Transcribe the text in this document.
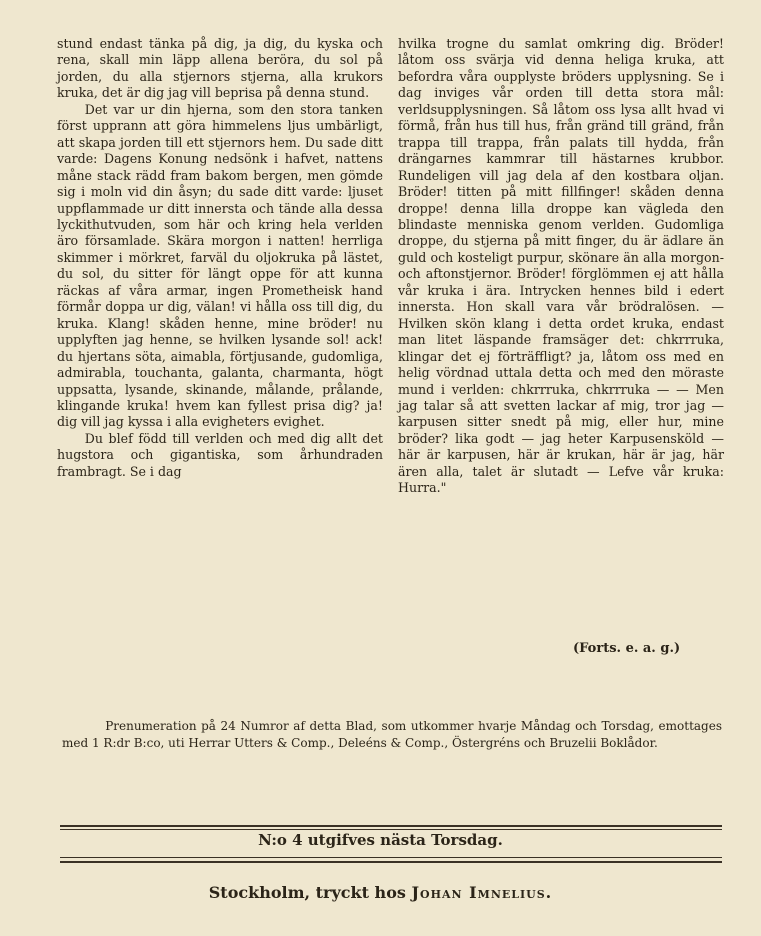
stund endast tänka på dig, ja dig, du kyska och rena, skall min läpp allena beröra, du sol på jorden, du alla stjernors stjerna, alla krukors kruka, det är dig jag vill beprisa på denna stund.

Det var ur din hjerna, som den stora tanken först upprann att göra himmelens ljus umbärligt, att skapa jorden till ett stjernors hem. Du sade ditt varde: Dagens Konung nedsönk i hafvet, nattens måne stack rädd fram bakom bergen, men gömde sig i moln vid din åsyn; du sade ditt varde: ljuset uppflammade ur ditt innersta och tände alla dessa lyckithutvuden, som här och kring hela verlden äro församlade. Skära morgon i natten! herrliga skimmer i mörkret, farväl du oljokruka på lästet, du sol, du sitter för längt oppe för att kunna räckas af våra armar, ingen Prometheisk hand förmår doppa ur dig, välan! vi hålla oss till dig, du kruka. Klang! skåden henne, mine bröder! nu upplyften jag henne, se hvilken lysande sol! ack! du hjertans söta, aimabla, förtjusande, gudomliga, admirabla, touchanta, galanta, charmanta, högt uppsatta, lysande, skinande, målande, prålande, klingande kruka! hvem kan fyllest prisa dig? ja! dig vill jag kyssa i alla evigheters evighet.

Du blef född till verlden och med dig allt det hugstora och gigantiska, som århundraden frambragt. Se i dag

hvilka trogne du samlat omkring dig. Bröder! låtom oss svärja vid denna heliga kruka, att befordra våra oupplyste bröders upplysning. Se i dag inviges vår orden till detta stora mål: verldsupplysningen. Så låtom oss lysa allt hvad vi förmå, från hus till hus, från gränd till gränd, från trappa till trappa, från palats till hydda, från drängarnes kammrar till hästarnes krubbor. Rundeligen vill jag dela af den kostbara oljan. Bröder! titten på mitt fillfinger! skåden denna droppe! denna lilla droppe kan vägleda den blindaste menniska genom verlden. Gudomliga droppe, du stjerna på mitt finger, du är ädlare än guld och kosteligt purpur, skönare än alla morgon- och aftonstjernor. Bröder! förglömmen ej att hålla vår kruka i ära. Intrycken hennes bild i edert innersta. Hon skall vara vår brödralösen. — Hvilken skön klang i detta ordet kruka, endast man litet läspande framsäger det: chkrrruka, klingar det ej förträffligt? ja, låtom oss med en helig vördnad uttala detta och med den möraste mund i verlden: chkrrruka, chkrrruka — — Men jag talar så att svetten lackar af mig, tror jag — karpusen sitter snedt på mig, eller hur, mine bröder? lika godt — jag heter Karpusensköld — här är karpusen, här är krukan, här är jag, här ären alla, talet är slutadt — Lefve vår kruka: Hurra."

(Forts. e. a. g.)

Prenumeration på 24 Numror af detta Blad, som utkommer hvarje Måndag och Torsdag, emottages med 1 R:dr B:co, uti Herrar Utters & Comp., Deleéns & Comp., Östergréns och Bruzelii Boklådor.

N:o 4 utgifves nästa Torsdag.
Stockholm, tryckt hos Johan Imnelius.
